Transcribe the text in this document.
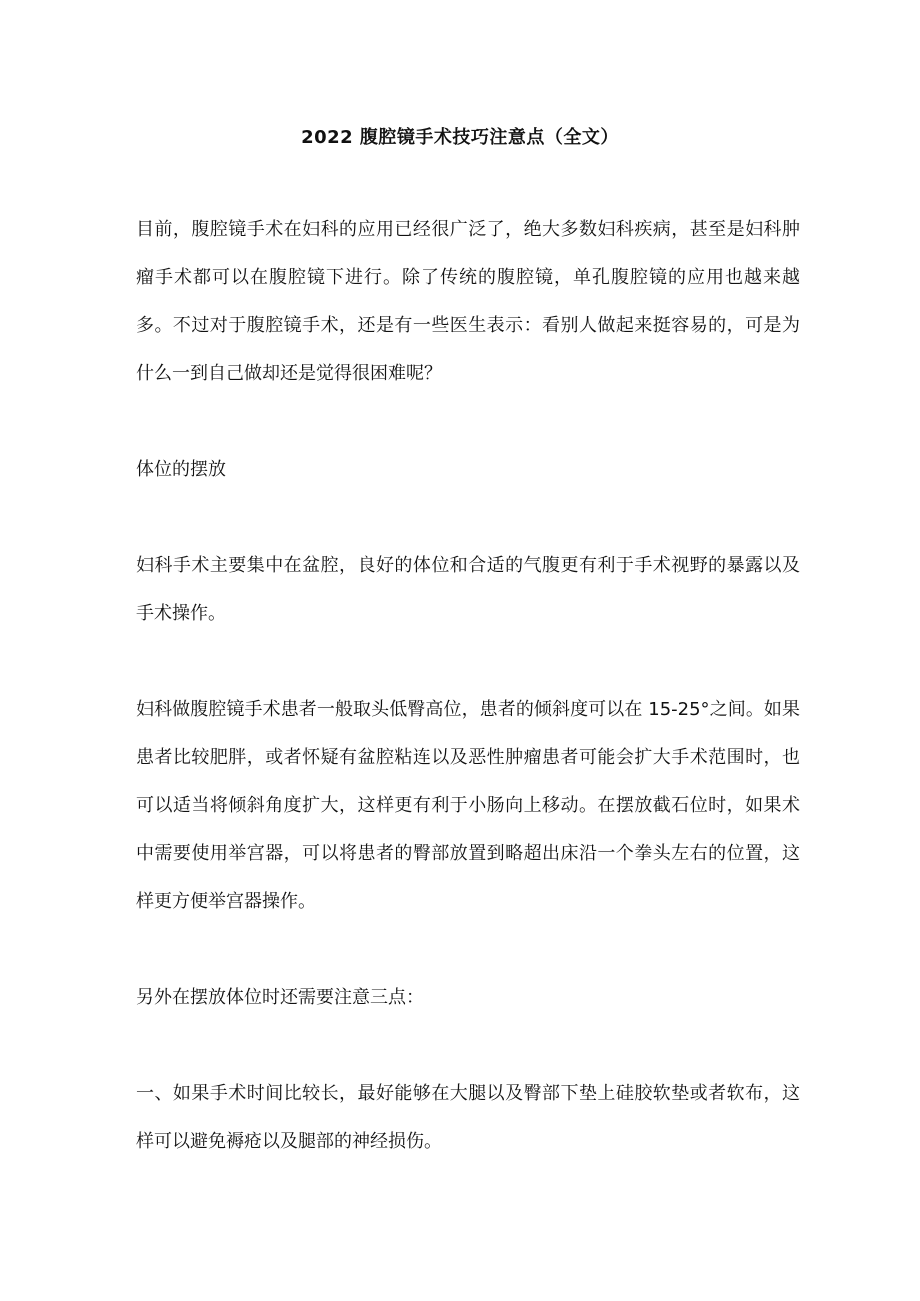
2022 腹腔镜手术技巧注意点（全文）

目前，腹腔镜手术在妇科的应用已经很广泛了，绝大多数妇科疾病，甚至是妇科肿瘤手术都可以在腹腔镜下进行。除了传统的腹腔镜，单孔腹腔镜的应用也越来越多。不过对于腹腔镜手术，还是有一些医生表示：看别人做起来挺容易的，可是为什么一到自己做却还是觉得很困难呢？

体位的摆放

妇科手术主要集中在盆腔，良好的体位和合适的气腹更有利于手术视野的暴露以及手术操作。

妇科做腹腔镜手术患者一般取头低臀高位，患者的倾斜度可以在 15-25°之间。如果患者比较肥胖，或者怀疑有盆腔粘连以及恶性肿瘤患者可能会扩大手术范围时，也可以适当将倾斜角度扩大，这样更有利于小肠向上移动。在摆放截石位时，如果术中需要使用举宫器，可以将患者的臀部放置到略超出床沿一个拳头左右的位置，这样更方便举宫器操作。

另外在摆放体位时还需要注意三点：

一、如果手术时间比较长，最好能够在大腿以及臀部下垫上硅胶软垫或者软布，这样可以避免褥疮以及腿部的神经损伤。
